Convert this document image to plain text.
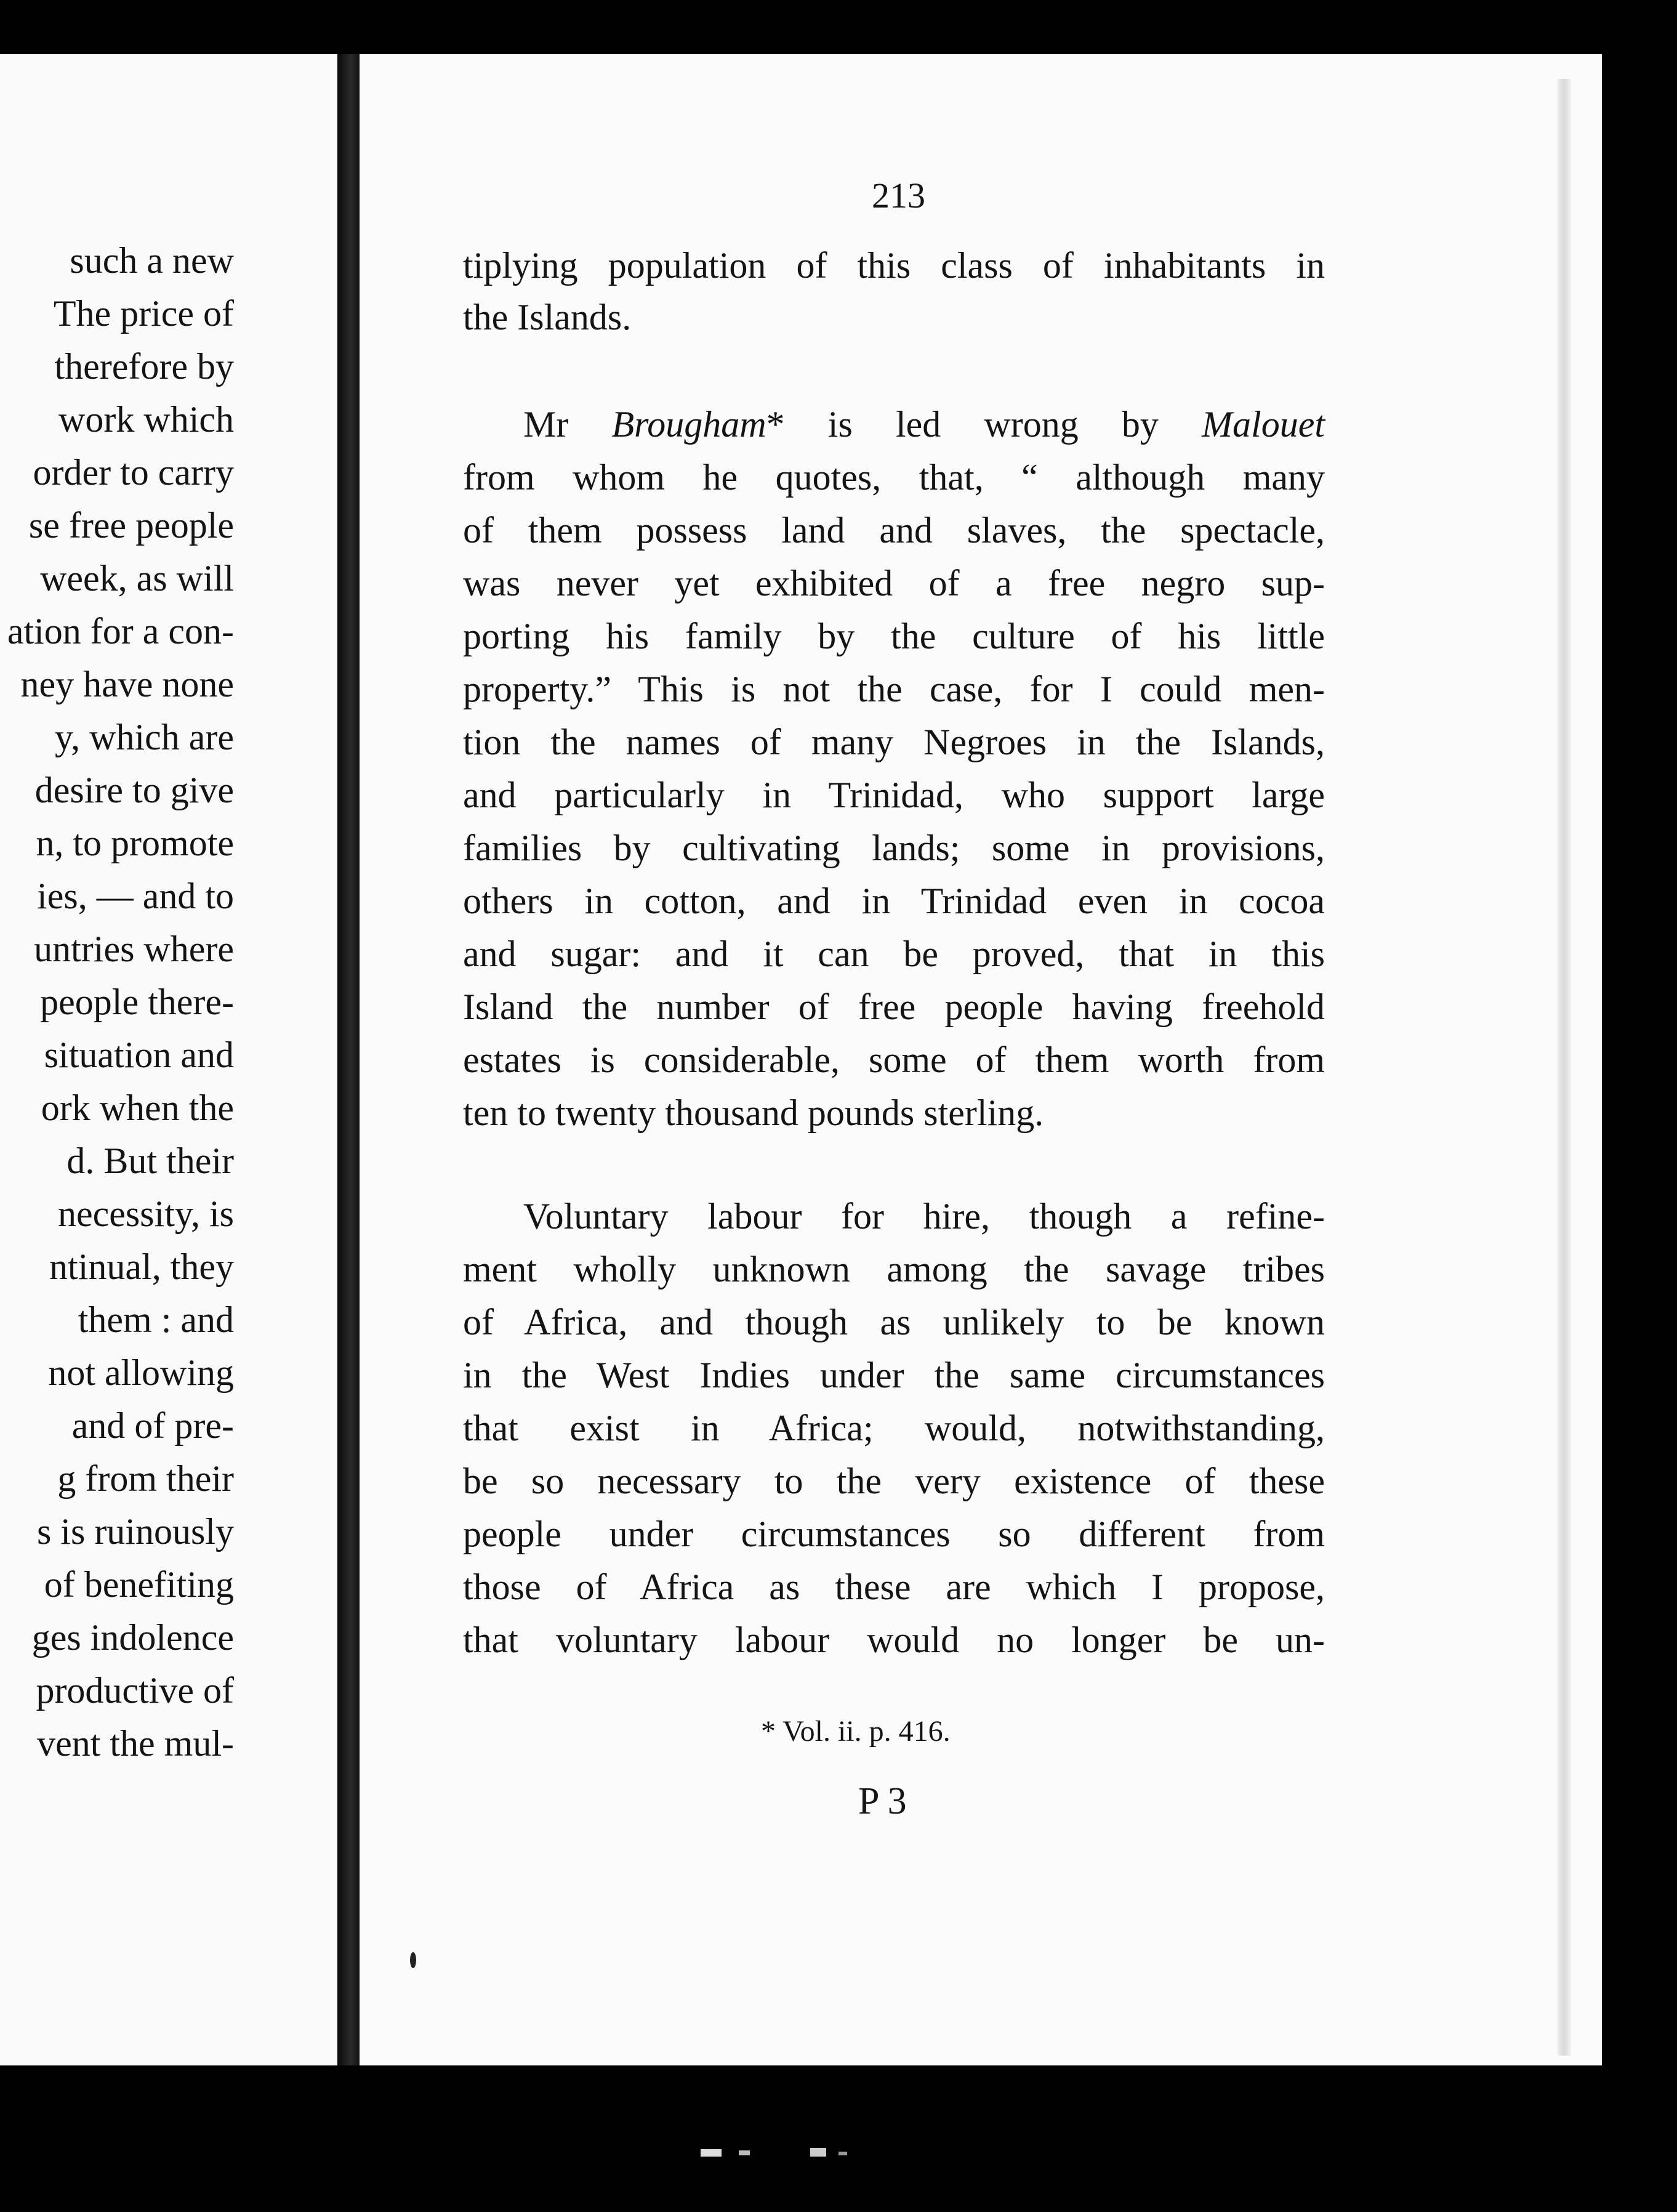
such a new
The price of
therefore by
work which
order to carry
se free people
week, as will
ation for a con-
ney have none
y, which are
desire to give
n, to promote
ies, — and to
untries where
people there-
situation and
ork when the
d. But their
necessity, is
ntinual, they
them : and
not allowing
and of pre-
g from their
s is ruinously
of benefiting
ges indolence
productive of
vent the mul-
213
tiplying population of this class of inhabitants in
the Islands.
Mr Brougham* is led wrong by Malouet
from whom he quotes, that, “ although many
of them possess land and slaves, the spectacle,
was never yet exhibited of a free negro sup-
porting his family by the culture of his little
property.” This is not the case, for I could men-
tion the names of many Negroes in the Islands,
and particularly in Trinidad, who support large
families by cultivating lands; some in provisions,
others in cotton, and in Trinidad even in cocoa
and sugar: and it can be proved, that in this
Island the number of free people having freehold
estates is considerable, some of them worth from
ten to twenty thousand pounds sterling.
Voluntary labour for hire, though a refine-
ment wholly unknown among the savage tribes
of Africa, and though as unlikely to be known
in the West Indies under the same circumstances
that exist in Africa; would, notwithstanding,
be so necessary to the very existence of these
people under circumstances so different from
those of Africa as these are which I propose,
that voluntary labour would no longer be un-
* Vol. ii. p. 416.
P 3
